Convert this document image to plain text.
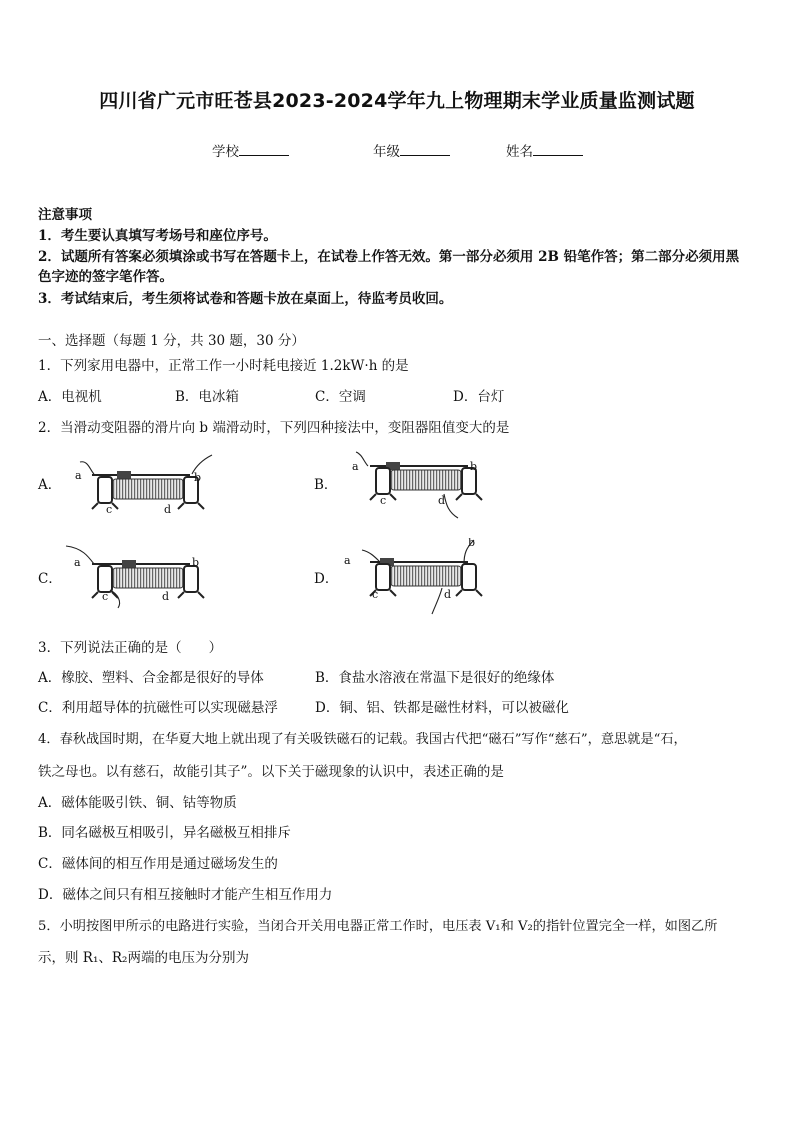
四川省广元市旺苍县2023-2024学年九上物理期末学业质量监测试题
学校	年级	姓名
注意事项
1．考生要认真填写考场号和座位序号。
2．试题所有答案必须填涂或书写在答题卡上，在试卷上作答无效。第一部分必须用 2B 铅笔作答；第二部分必须用黑
色字迹的签字笔作答。
3．考试结束后，考生须将试卷和答题卡放在桌面上，待监考员收回。
一、选择题（每题 1 分，共 30 题，30 分）
1．下列家用电器中，正常工作一小时耗电接近 1.2kW·h 的是
A．电视机	B．电冰箱	C．空调	D．台灯
2．当滑动变阻器的滑片向 b 端滑动时，下列四种接法中，变阻器阻值变大的是
A．	B．
C．	D．
a	b
c	d
a	b
c	d
a	b
c	d
a
b
c	d
3．下列说法正确的是（　　）
A．橡胶、塑料、合金都是很好的导体	B．食盐水溶液在常温下是很好的绝缘体
C．利用超导体的抗磁性可以实现磁悬浮	D．铜、铝、铁都是磁性材料，可以被磁化
4．春秋战国时期，在华夏大地上就出现了有关吸铁磁石的记载。我国古代把“磁石”写作“慈石”，意思就是“石，
铁之母也。以有慈石，故能引其子”。以下关于磁现象的认识中，表述正确的是
A．磁体能吸引铁、铜、钴等物质
B．同名磁极互相吸引，异名磁极互相排斥
C．磁体间的相互作用是通过磁场发生的
D．磁体之间只有相互接触时才能产生相互作用力
5．小明按图甲所示的电路进行实验，当闭合开关用电器正常工作时，电压表 V₁和 V₂的指针位置完全一样，如图乙所
示，则 R₁、R₂两端的电压为分别为
